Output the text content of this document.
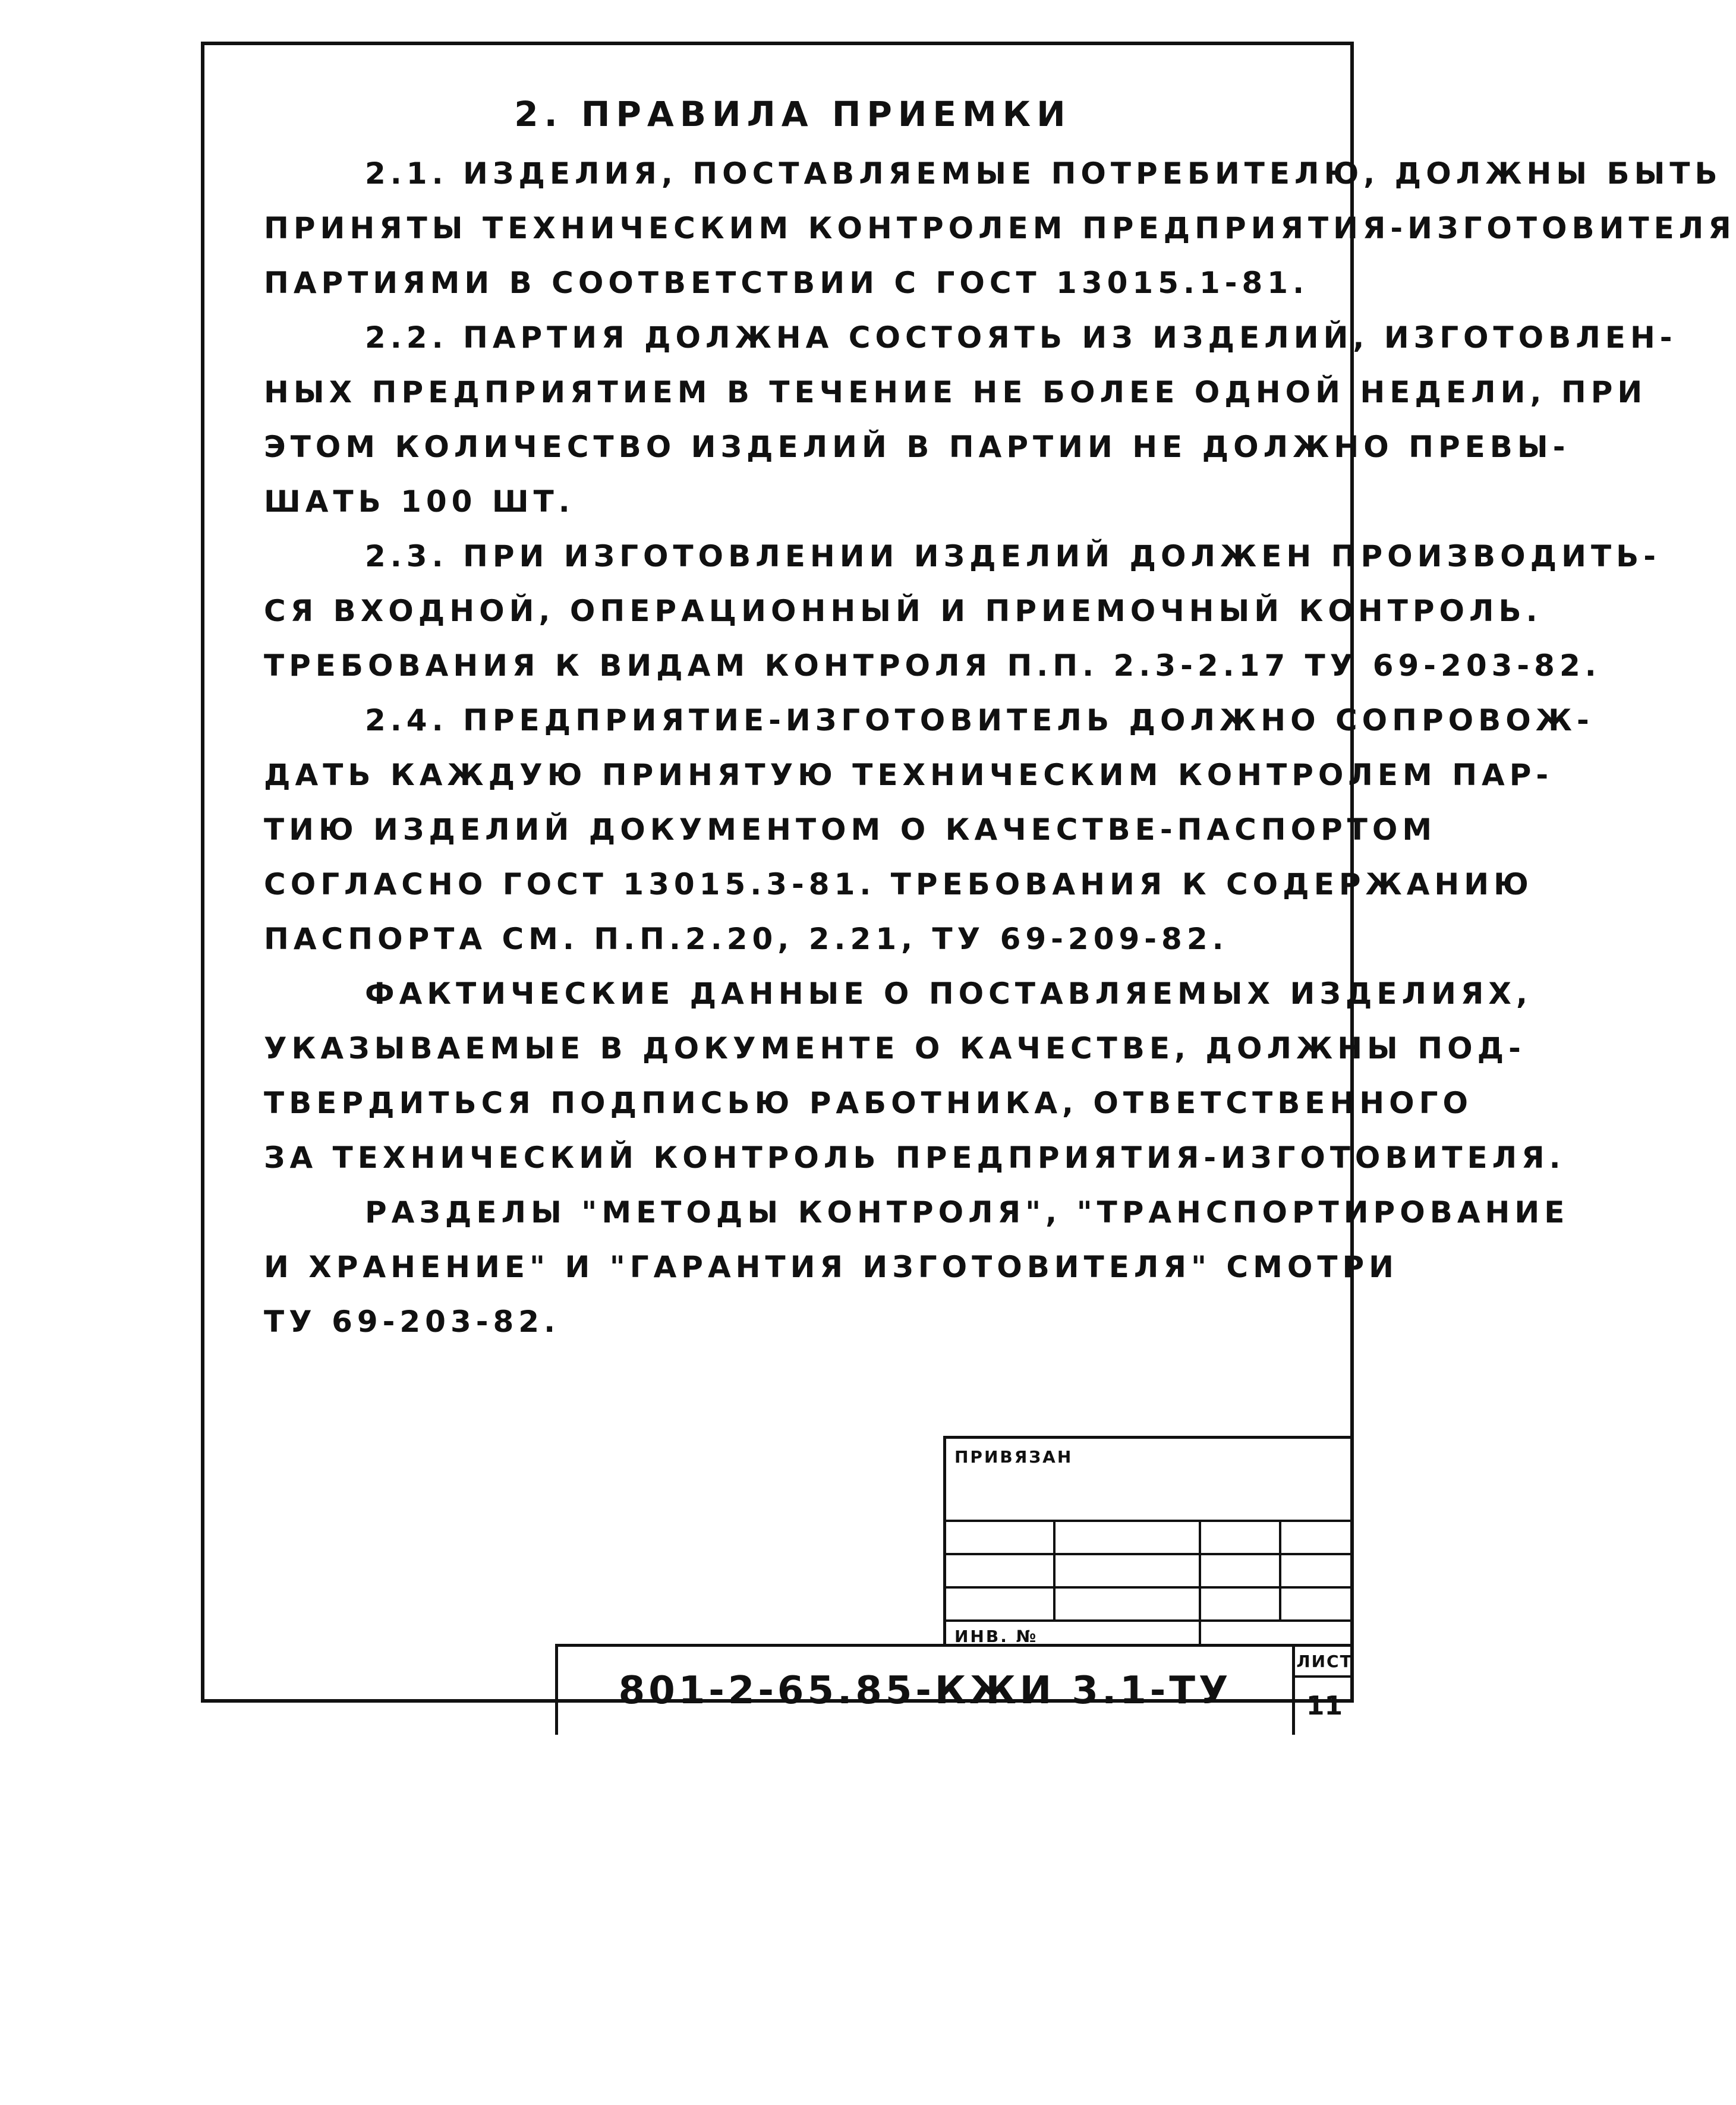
2. ПРАВИЛА ПРИЕМКИ
2.1. ИЗДЕЛИЯ, ПОСТАВЛЯЕМЫЕ ПОТРЕБИТЕЛЮ, ДОЛЖНЫ БЫТЬ
ПРИНЯТЫ ТЕХНИЧЕСКИМ КОНТРОЛЕМ ПРЕДПРИЯТИЯ-ИЗГОТОВИТЕЛЯ
ПАРТИЯМИ В СООТВЕТСТВИИ С ГОСТ 13015.1-81.
2.2. ПАРТИЯ ДОЛЖНА СОСТОЯТЬ ИЗ ИЗДЕЛИЙ, ИЗГОТОВЛЕН-
НЫХ ПРЕДПРИЯТИЕМ В ТЕЧЕНИЕ НЕ БОЛЕЕ ОДНОЙ НЕДЕЛИ, ПРИ
ЭТОМ КОЛИЧЕСТВО ИЗДЕЛИЙ В ПАРТИИ НЕ ДОЛЖНО ПРЕВЫ-
ШАТЬ 100 ШТ.
2.3. ПРИ ИЗГОТОВЛЕНИИ ИЗДЕЛИЙ ДОЛЖЕН ПРОИЗВОДИТЬ-
СЯ ВХОДНОЙ, ОПЕРАЦИОННЫЙ И ПРИЕМОЧНЫЙ КОНТРОЛЬ.
ТРЕБОВАНИЯ К ВИДАМ КОНТРОЛЯ П.П. 2.3-2.17 ТУ 69-203-82.
2.4. ПРЕДПРИЯТИЕ-ИЗГОТОВИТЕЛЬ ДОЛЖНО СОПРОВОЖ-
ДАТЬ КАЖДУЮ ПРИНЯТУЮ ТЕХНИЧЕСКИМ КОНТРОЛЕМ ПАР-
ТИЮ ИЗДЕЛИЙ ДОКУМЕНТОМ О КАЧЕСТВЕ-ПАСПОРТОМ
СОГЛАСНО ГОСТ 13015.3-81. ТРЕБОВАНИЯ К СОДЕРЖАНИЮ
ПАСПОРТА СМ. П.П.2.20, 2.21, ТУ 69-209-82.
ФАКТИЧЕСКИЕ ДАННЫЕ О ПОСТАВЛЯЕМЫХ ИЗДЕЛИЯХ,
УКАЗЫВАЕМЫЕ В ДОКУМЕНТЕ О КАЧЕСТВЕ, ДОЛЖНЫ ПОД-
ТВЕРДИТЬСЯ ПОДПИСЬЮ РАБОТНИКА, ОТВЕТСТВЕННОГО
ЗА ТЕХНИЧЕСКИЙ КОНТРОЛЬ ПРЕДПРИЯТИЯ-ИЗГОТОВИТЕЛЯ.
РАЗДЕЛЫ "МЕТОДЫ КОНТРОЛЯ", "ТРАНСПОРТИРОВАНИЕ
И ХРАНЕНИЕ" И "ГАРАНТИЯ ИЗГОТОВИТЕЛЯ" СМОТРИ
ТУ 69-203-82.
ПРИВЯЗАН
ИНВ. №
801-2-65.85-КЖИ 3.1-ТУ
ЛИСТ
11
